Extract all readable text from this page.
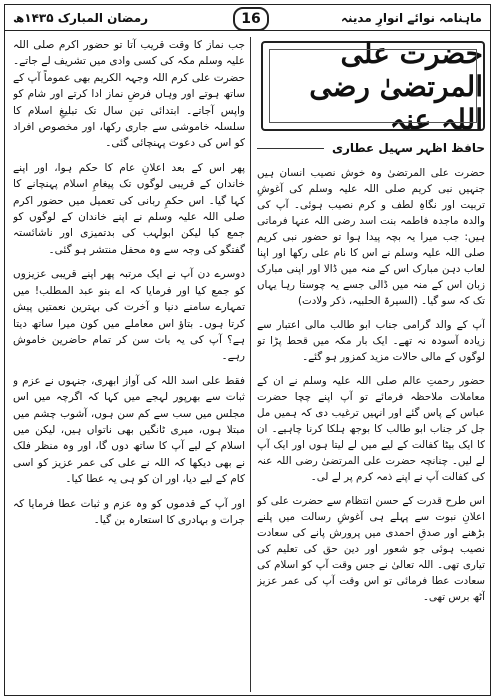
رمضان المبارک ۱۴۳۵ھ	ماہنامہ نوائے انوارِ مدینہ
16
حضرت علی المرتضیٰ رضی اللہ عنہ
حافظ اظہر سہیل عطاری

حضرت علی المرتضیٰ وہ خوش نصیب انسان ہیں جنہیں نبی کریم صلی اللہ علیہ وسلم کی آغوشِ تربیت اور نگاہِ لطف و کرم نصیب ہوئی۔ آپ کی والدہ ماجدہ فاطمہ بنت اسد رضی اللہ عنہا فرماتی ہیں: جب میرا یہ بچہ پیدا ہوا تو حضور نبی کریم صلی اللہ علیہ وسلم نے اس کا نام علی رکھا اور اپنا لعاب دہن مبارک اس کے منہ میں ڈالا اور اپنی مبارک زبان اس کے منہ میں ڈالی جسے یہ چوستا رہا یہاں تک کہ سو گیا۔ (السیرۃ الحلبیہ، ذکر ولادت)

آپ کے والد گرامی جناب ابو طالب مالی اعتبار سے زیادہ آسودہ نہ تھے۔ ایک بار مکہ میں قحط پڑا تو لوگوں کے مالی حالات مزید کمزور ہو گئے۔

حضور رحمتِ عالم صلی اللہ علیہ وسلم نے ان کے معاملات ملاحظہ فرمائے تو آپ اپنے چچا حضرت عباس کے پاس گئے اور انہیں ترغیب دی کہ ہمیں مل جل کر جناب ابو طالب کا بوجھ ہلکا کرنا چاہیے۔ ان کا ایک بیٹا کفالت کے لیے میں لے لیتا ہوں اور ایک آپ لے لیں۔ چنانچہ حضرت علی المرتضیٰ رضی اللہ عنہ کی کفالت آپ نے اپنے ذمہ کرم پر لے لی۔

اس طرح قدرت کے حسن انتظام سے حضرت علی کو اعلانِ نبوت سے پہلے ہی آغوشِ رسالت میں پلنے بڑھنے اور صدقِ احمدی میں پرورش پانے کی سعادت نصیب ہوئی جو شعور اور دین حق کی تعلیم کی تیاری تھی۔ اللہ تعالیٰ نے جس وقت آپ کو اسلام کی سعادت عطا فرمائی تو اس وقت آپ کی عمر عزیز آٹھ برس تھی۔

جب نماز کا وقت قریب آتا تو حضور اکرم صلی اللہ علیہ وسلم مکہ کی کسی وادی میں تشریف لے جاتے۔ حضرت علی کرم اللہ وجہہ الکریم بھی عموماً آپ کے ساتھ ہوتے اور وہاں فرضِ نماز ادا کرتے اور شام کو واپس آجاتے۔ ابتدائی تین سال تک تبلیغِ اسلام کا سلسلہ خاموشی سے جاری رکھا، اور مخصوص افراد کو اس کی دعوت پہنچائی گئی۔

پھر اس کے بعد اعلانِ عام کا حکم ہوا، اور اپنے خاندان کے قریبی لوگوں تک پیغامِ اسلام پہنچانے کا کہا گیا۔ اس حکمِ ربانی کی تعمیل میں حضور اکرم صلی اللہ علیہ وسلم نے اپنے خاندان کے لوگوں کو جمع کیا لیکن ابولہب کی بدتمیزی اور ناشائستہ گفتگو کی وجہ سے وہ محفل منتشر ہو گئی۔

دوسرے دن آپ نے ایک مرتبہ پھر اپنے قریبی عزیزوں کو جمع کیا اور فرمایا کہ اے بنو عبد المطلب! میں تمہارے سامنے دنیا و آخرت کی بہترین نعمتیں پیش کرتا ہوں۔ بتاؤ اس معاملے میں کون میرا ساتھ دیتا ہے؟ آپ کی یہ بات سن کر تمام حاضرین خاموش رہے۔

فقط علی اسد اللہ کی آواز ابھری، جنہوں نے عزم و ثبات سے بھرپور لہجے میں کہا کہ اگرچہ میں اس مجلس میں سب سے کم سن ہوں، آشوب چشم میں مبتلا ہوں، میری ٹانگیں بھی ناتواں ہیں، لیکن میں اسلام کے لیے آپ کا ساتھ دوں گا، اور وہ منظر فلک نے بھی دیکھا کہ اللہ نے علی کی عمر عزیز کو اسی کام کے لیے دیا، اور ان کو ہی یہ عطا کیا۔

اور آپ کے قدموں کو وہ عزم و ثبات عطا فرمایا کہ جرات و بہادری کا استعارہ بن گیا۔
